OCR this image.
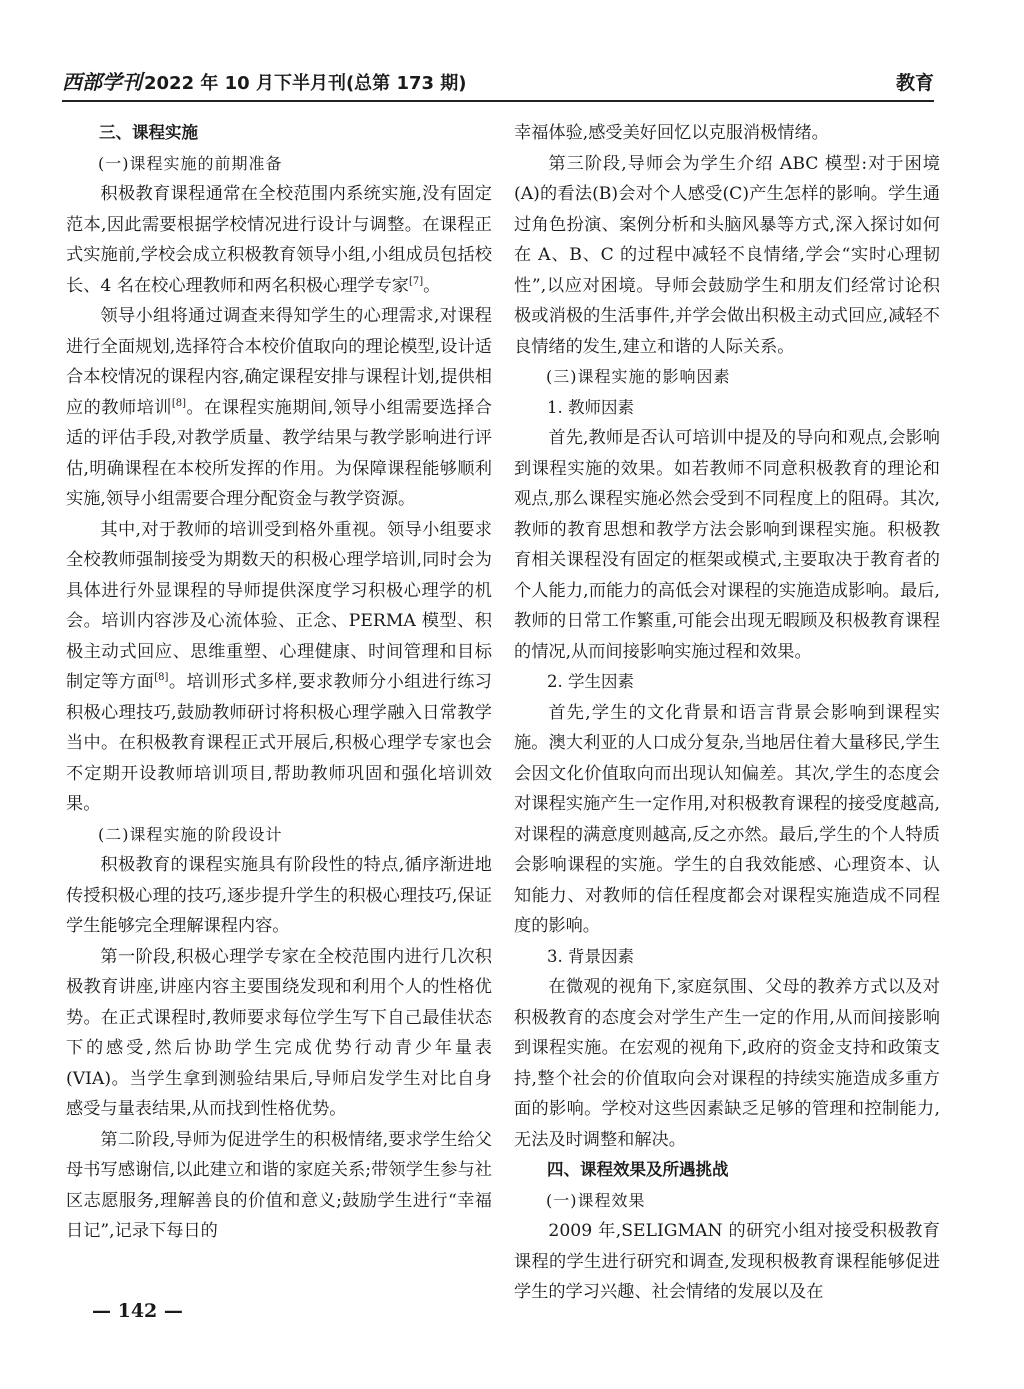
西部学刊 2022 年 10 月下半月刊(总第 173 期)	教育
三、课程实施
(一)课程实施的前期准备

积极教育课程通常在全校范围内系统实施,没有固定范本,因此需要根据学校情况进行设计与调整。在课程正式实施前,学校会成立积极教育领导小组,小组成员包括校长、4 名在校心理教师和两名积极心理学专家[7]。

领导小组将通过调查来得知学生的心理需求,对课程进行全面规划,选择符合本校价值取向的理论模型,设计适合本校情况的课程内容,确定课程安排与课程计划,提供相应的教师培训[8]。在课程实施期间,领导小组需要选择合适的评估手段,对教学质量、教学结果与教学影响进行评估,明确课程在本校所发挥的作用。为保障课程能够顺利实施,领导小组需要合理分配资金与教学资源。

其中,对于教师的培训受到格外重视。领导小组要求全校教师强制接受为期数天的积极心理学培训,同时会为具体进行外显课程的导师提供深度学习积极心理学的机会。培训内容涉及心流体验、正念、PERMA 模型、积极主动式回应、思维重塑、心理健康、时间管理和目标制定等方面[8]。培训形式多样,要求教师分小组进行练习积极心理技巧,鼓励教师研讨将积极心理学融入日常教学当中。在积极教育课程正式开展后,积极心理学专家也会不定期开设教师培训项目,帮助教师巩固和强化培训效果。

(二)课程实施的阶段设计

积极教育的课程实施具有阶段性的特点,循序渐进地传授积极心理的技巧,逐步提升学生的积极心理技巧,保证学生能够完全理解课程内容。

第一阶段,积极心理学专家在全校范围内进行几次积极教育讲座,讲座内容主要围绕发现和利用个人的性格优势。在正式课程时,教师要求每位学生写下自己最佳状态下的感受,然后协助学生完成优势行动青少年量表(VIA)。当学生拿到测验结果后,导师启发学生对比自身感受与量表结果,从而找到性格优势。

第二阶段,导师为促进学生的积极情绪,要求学生给父母书写感谢信,以此建立和谐的家庭关系;带领学生参与社区志愿服务,理解善良的价值和意义;鼓励学生进行“幸福日记”,记录下每日的

幸福体验,感受美好回忆以克服消极情绪。

第三阶段,导师会为学生介绍 ABC 模型:对于困境(A)的看法(B)会对个人感受(C)产生怎样的影响。学生通过角色扮演、案例分析和头脑风暴等方式,深入探讨如何在 A、B、C 的过程中减轻不良情绪,学会“实时心理韧性”,以应对困境。导师会鼓励学生和朋友们经常讨论积极或消极的生活事件,并学会做出积极主动式回应,减轻不良情绪的发生,建立和谐的人际关系。

(三)课程实施的影响因素
1. 教师因素

首先,教师是否认可培训中提及的导向和观点,会影响到课程实施的效果。如若教师不同意积极教育的理论和观点,那么课程实施必然会受到不同程度上的阻碍。其次,教师的教育思想和教学方法会影响到课程实施。积极教育相关课程没有固定的框架或模式,主要取决于教育者的个人能力,而能力的高低会对课程的实施造成影响。最后,教师的日常工作繁重,可能会出现无暇顾及积极教育课程的情况,从而间接影响实施过程和效果。

2. 学生因素

首先,学生的文化背景和语言背景会影响到课程实施。澳大利亚的人口成分复杂,当地居住着大量移民,学生会因文化价值取向而出现认知偏差。其次,学生的态度会对课程实施产生一定作用,对积极教育课程的接受度越高,对课程的满意度则越高,反之亦然。最后,学生的个人特质会影响课程的实施。学生的自我效能感、心理资本、认知能力、对教师的信任程度都会对课程实施造成不同程度的影响。

3. 背景因素

在微观的视角下,家庭氛围、父母的教养方式以及对积极教育的态度会对学生产生一定的作用,从而间接影响到课程实施。在宏观的视角下,政府的资金支持和政策支持,整个社会的价值取向会对课程的持续实施造成多重方面的影响。学校对这些因素缺乏足够的管理和控制能力,无法及时调整和解决。

四、课程效果及所遇挑战
(一)课程效果

2009 年,SELIGMAN 的研究小组对接受积极教育课程的学生进行研究和调查,发现积极教育课程能够促进学生的学习兴趣、社会情绪的发展以及在

— 142 —
